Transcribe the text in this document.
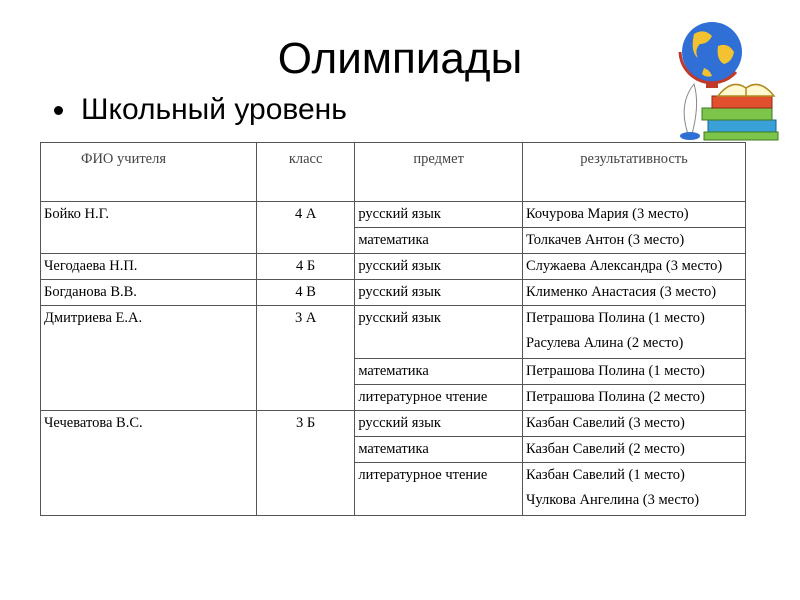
Олимпиады
Школьный уровень
ФИО учителя	класс	предмет	результативность
Бойко Н.Г.	4 А	русский язык	Кочурова Мария (3 место)
		математика	Толкачев Антон (3 место)
Чегодаева Н.П.	4 Б	русский язык	Служаева Александра (3 место)
Богданова В.В.	4 В	русский язык	Клименко Анастасия (3 место)
Дмитриева Е.А.	3 А	русский язык	Петрашова Полина (1 место)
Расулева Алина (2 место)

		математика	Петрашова Полина (1 место)
		литературное чтение	Петрашова Полина (2 место)
Чечеватова В.С.	3 Б	русский язык	Казбан Савелий (3 место)
		математика	Казбан Савелий (2 место)
		литературное чтение	Казбан Савелий (1 место)
Чулкова Ангелина (3 место)
